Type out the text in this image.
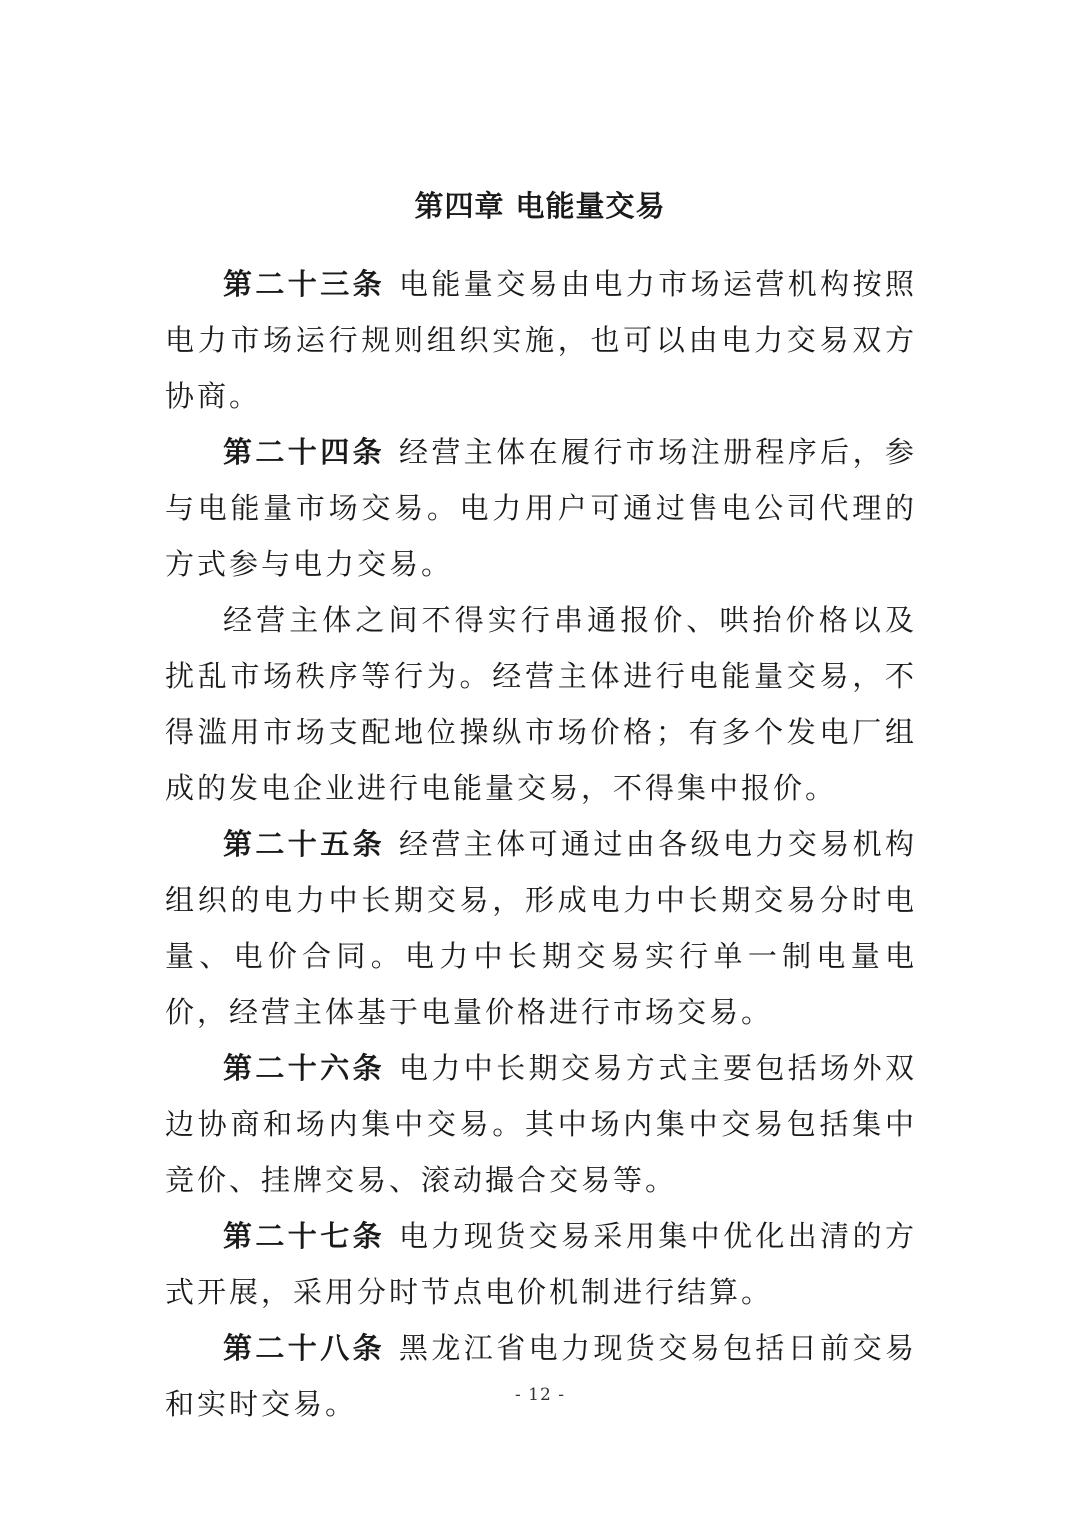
第四章 电能量交易

第二十三条 电能量交易由电力市场运营机构按照电力市场运行规则组织实施，也可以由电力交易双方协商。

第二十四条 经营主体在履行市场注册程序后，参与电能量市场交易。电力用户可通过售电公司代理的方式参与电力交易。

经营主体之间不得实行串通报价、哄抬价格以及扰乱市场秩序等行为。经营主体进行电能量交易，不得滥用市场支配地位操纵市场价格；有多个发电厂组成的发电企业进行电能量交易，不得集中报价。

第二十五条 经营主体可通过由各级电力交易机构组织的电力中长期交易，形成电力中长期交易分时电量、电价合同。电力中长期交易实行单一制电量电价，经营主体基于电量价格进行市场交易。

第二十六条 电力中长期交易方式主要包括场外双边协商和场内集中交易。其中场内集中交易包括集中竞价、挂牌交易、滚动撮合交易等。

第二十七条 电力现货交易采用集中优化出清的方式开展，采用分时节点电价机制进行结算。

第二十八条 黑龙江省电力现货交易包括日前交易和实时交易。	- 12 -
